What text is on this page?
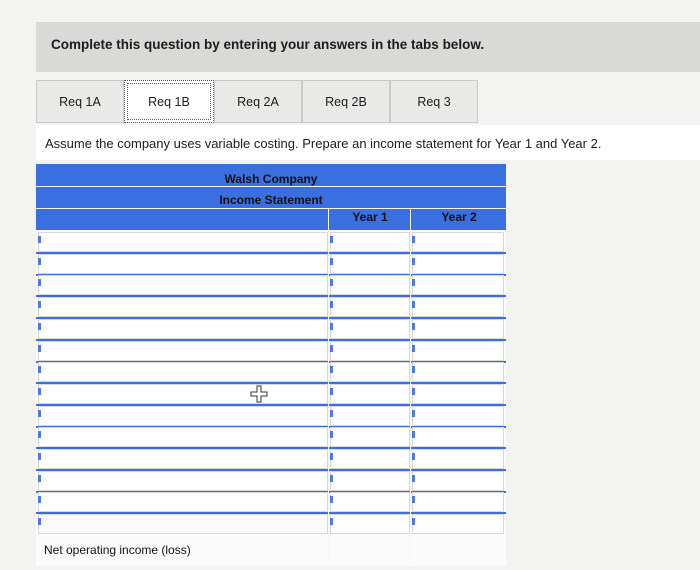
Complete this question by entering your answers in the tabs below.
Req 1A	Req 1B	Req 2A	Req 2B	Req 3
Assume the company uses variable costing. Prepare an income statement for Year 1 and Year 2.
Walsh Company
Income Statement
Year 1	Year 2
Net operating income (loss)
